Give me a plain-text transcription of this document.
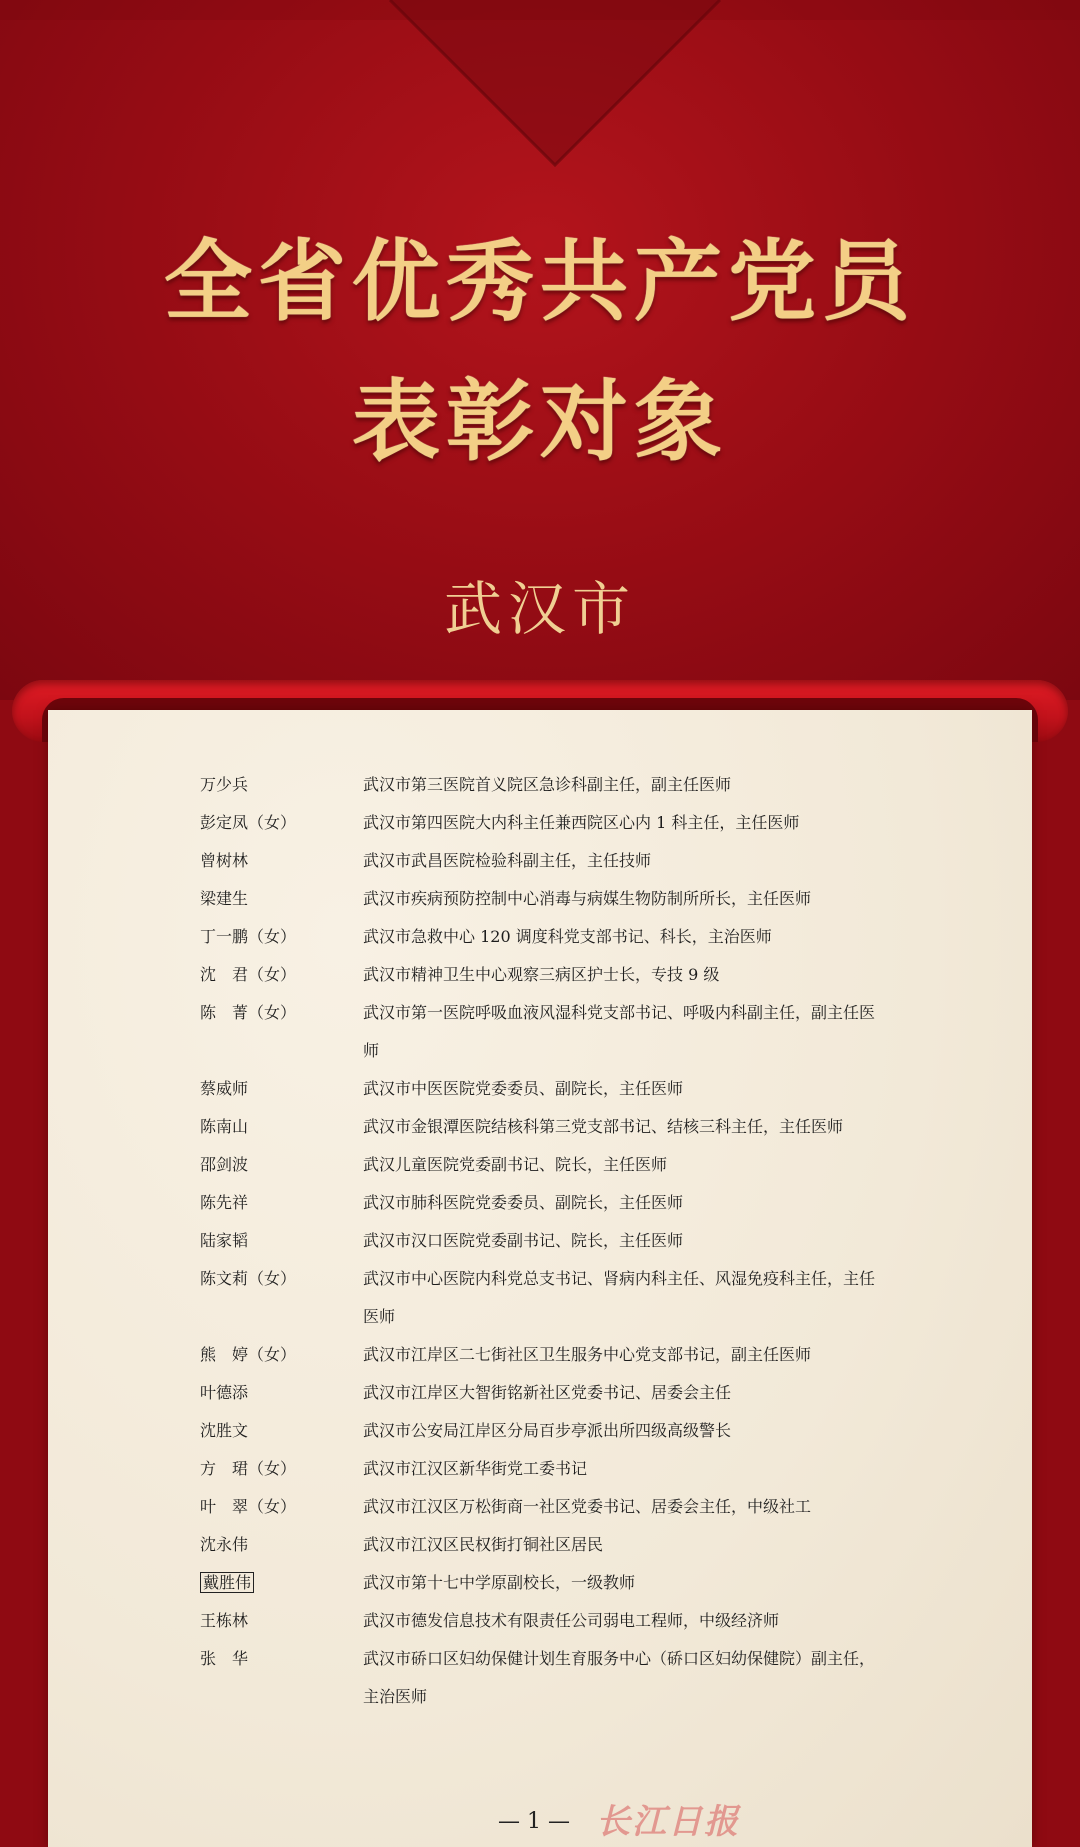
全省优秀共产党员
表彰对象
武汉市
万少兵	武汉市第三医院首义院区急诊科副主任，副主任医师
彭定凤（女）	武汉市第四医院大内科主任兼西院区心内 1 科主任，主任医师
曾树林	武汉市武昌医院检验科副主任，主任技师
梁建生	武汉市疾病预防控制中心消毒与病媒生物防制所所长，主任医师
丁一鹏（女）	武汉市急救中心 120 调度科党支部书记、科长，主治医师
沈　君（女）	武汉市精神卫生中心观察三病区护士长，专技 9 级
陈　菁（女）	武汉市第一医院呼吸血液风湿科党支部书记、呼吸内科副主任，副主任医
师
蔡威师	武汉市中医医院党委委员、副院长，主任医师
陈南山	武汉市金银潭医院结核科第三党支部书记、结核三科主任，主任医师
邵剑波	武汉儿童医院党委副书记、院长，主任医师
陈先祥	武汉市肺科医院党委委员、副院长，主任医师
陆家韬	武汉市汉口医院党委副书记、院长，主任医师
陈文莉（女）	武汉市中心医院内科党总支书记、肾病内科主任、风湿免疫科主任，主任
医师
熊　婷（女）	武汉市江岸区二七街社区卫生服务中心党支部书记，副主任医师
叶德添	武汉市江岸区大智街铭新社区党委书记、居委会主任
沈胜文	武汉市公安局江岸区分局百步亭派出所四级高级警长
方　珺（女）	武汉市江汉区新华街党工委书记
叶　翠（女）	武汉市江汉区万松街商一社区党委书记、居委会主任，中级社工
沈永伟	武汉市江汉区民权街打铜社区居民
戴胜伟	武汉市第十七中学原副校长，一级教师
王栋林	武汉市德发信息技术有限责任公司弱电工程师，中级经济师
张　华	武汉市硚口区妇幼保健计划生育服务中心（硚口区妇幼保健院）副主任，
主治医师
— 1 — 长江日报
